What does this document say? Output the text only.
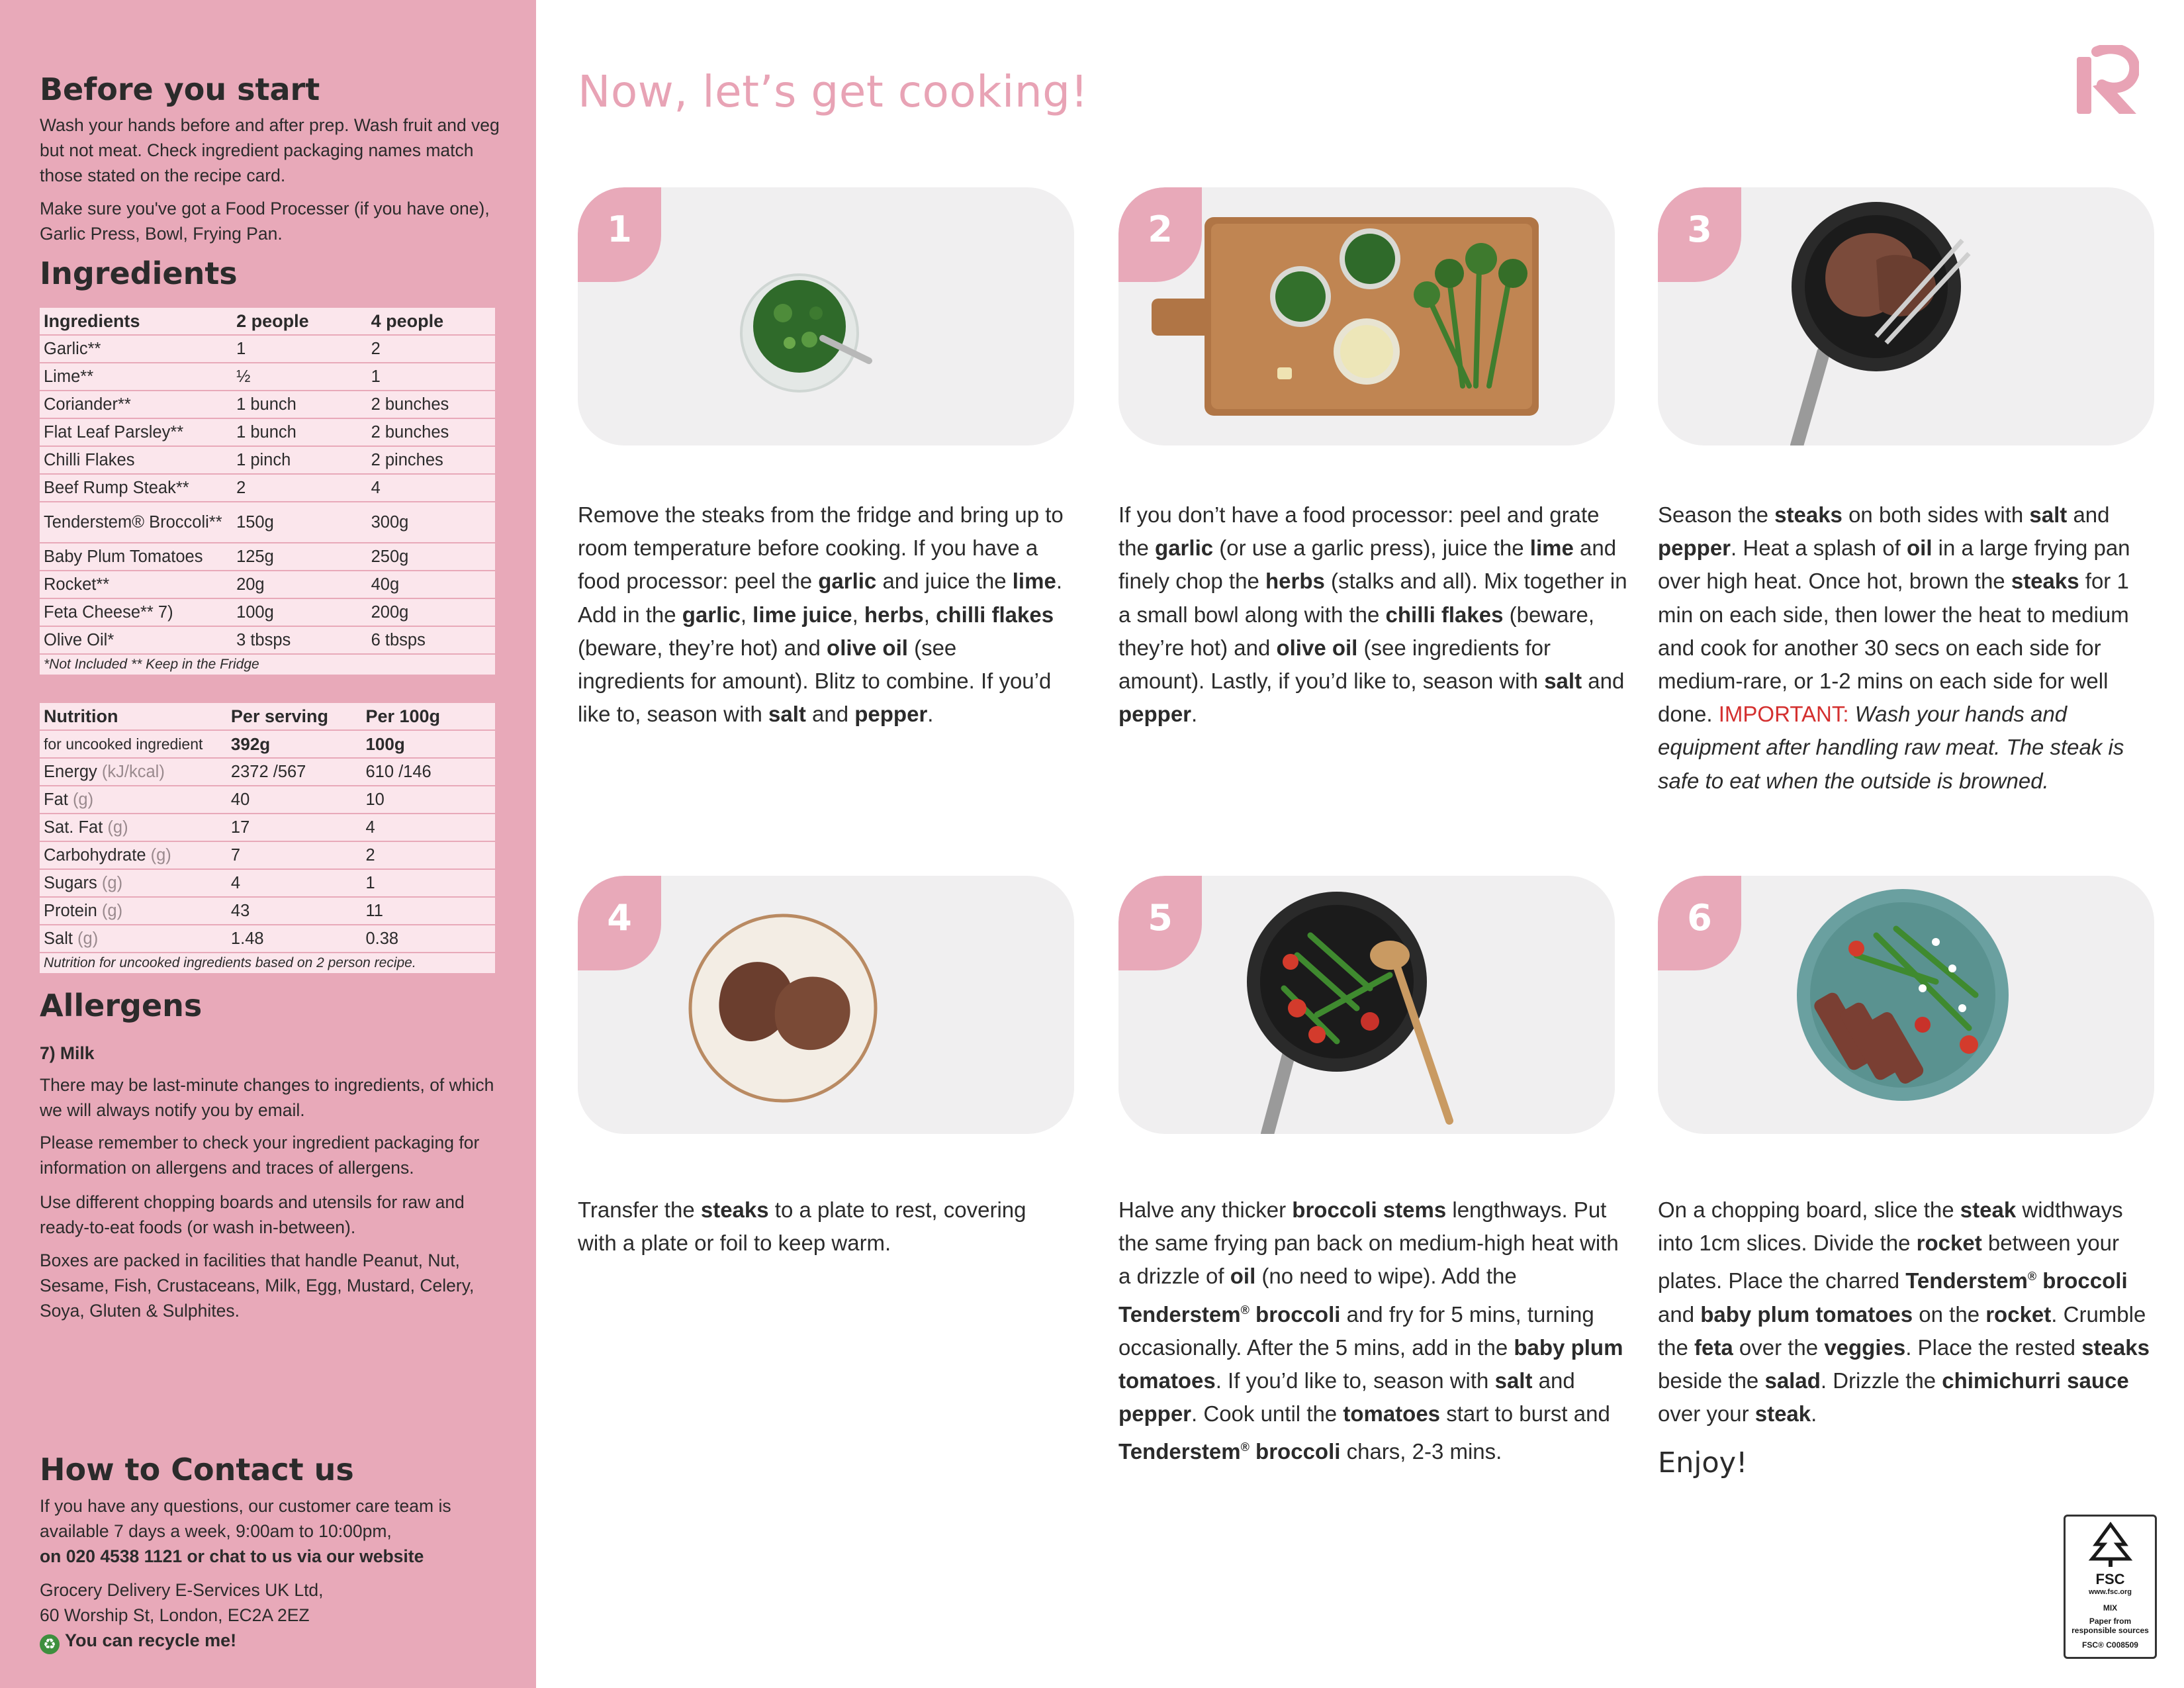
Before you start

Wash your hands before and after prep. Wash fruit and veg but not meat. Check ingredient packaging names match those stated on the recipe card.

Make sure you've got a Food Processer (if you have one), Garlic Press, Bowl, Frying Pan.

Ingredients
Ingredients	2 people	4 people
Garlic**	1	2
Lime**	½	1
Coriander**	1 bunch	2 bunches
Flat Leaf Parsley**	1 bunch	2 bunches
Chilli Flakes	1 pinch	2 pinches
Beef Rump Steak**	2	4
Tenderstem® Broccoli**	150g	300g
Baby Plum Tomatoes	125g	250g
Rocket**	20g	40g
Feta Cheese** 7)	100g	200g
Olive Oil*	3 tbsps	6 tbsps
*Not Included ** Keep in the Fridge		
Nutrition	Per serving	Per 100g
for uncooked ingredient	392g	100g
Energy (kJ/kcal)	2372 /567	610 /146
Fat (g)	40	10
Sat. Fat (g)	17	4
Carbohydrate (g)	7	2
Sugars (g)	4	1
Protein (g)	43	11
Salt (g)	1.48	0.38
Nutrition for uncooked ingredients based on 2 person recipe.		
Allergens

7) Milk

There may be last-minute changes to ingredients, of which we will always notify you by email.

Please remember to check your ingredient packaging for information on allergens and traces of allergens.

Use different chopping boards and utensils for raw and ready-to-eat foods (or wash in-between).

Boxes are packed in facilities that handle Peanut, Nut, Sesame, Fish, Crustaceans, Milk, Egg, Mustard, Celery, Soya, Gluten & Sulphites.

How to Contact us

If you have any questions, our customer care team is available 7 days a week, 9:00am to 10:00pm,
on 020 4538 1121 or chat to us via our website

Grocery Delivery E-Services UK Ltd,
60 Worship St, London, EC2A 2EZ

♻ You can recycle me!
Now, let’s get cooking!
1	2	3

Remove the steaks from the fridge and bring up to room temperature before cooking. If you have a food processor: peel the garlic and juice the lime. Add in the garlic, lime juice, herbs, chilli flakes (beware, they’re hot) and olive oil (see ingredients for amount). Blitz to combine. If you’d like to, season with salt and pepper.

If you don’t have a food processor: peel and grate the garlic (or use a garlic press), juice the lime and finely chop the herbs (stalks and all). Mix together in a small bowl along with the chilli flakes (beware, they’re hot) and olive oil (see ingredients for amount). Lastly, if you’d like to, season with salt and pepper.

Season the steaks on both sides with salt and pepper. Heat a splash of oil in a large frying pan over high heat. Once hot, brown the steaks for 1 min on each side, then lower the heat to medium and cook for another 30 secs on each side for medium-rare, or 1-2 mins on each side for well done. IMPORTANT: Wash your hands and equipment after handling raw meat. The steak is safe to eat when the outside is browned.

4	5	6

Transfer the steaks to a plate to rest, covering with a plate or foil to keep warm.

Halve any thicker broccoli stems lengthways. Put the same frying pan back on medium-high heat with a drizzle of oil (no need to wipe). Add the Tenderstem® broccoli and fry for 5 mins, turning occasionally. After the 5 mins, add in the baby plum tomatoes. If you’d like to, season with salt and pepper. Cook until the tomatoes start to burst and Tenderstem® broccoli chars, 2-3 mins.

On a chopping board, slice the steak widthways into 1cm slices. Divide the rocket between your plates. Place the charred Tenderstem® broccoli and baby plum tomatoes on the rocket. Crumble the feta over the veggies. Place the rested steaks beside the salad. Drizzle the chimichurri sauce over your steak.

Enjoy!

FSC
www.fsc.org
MIX
Paper from
responsible sources
FSC® C008509
